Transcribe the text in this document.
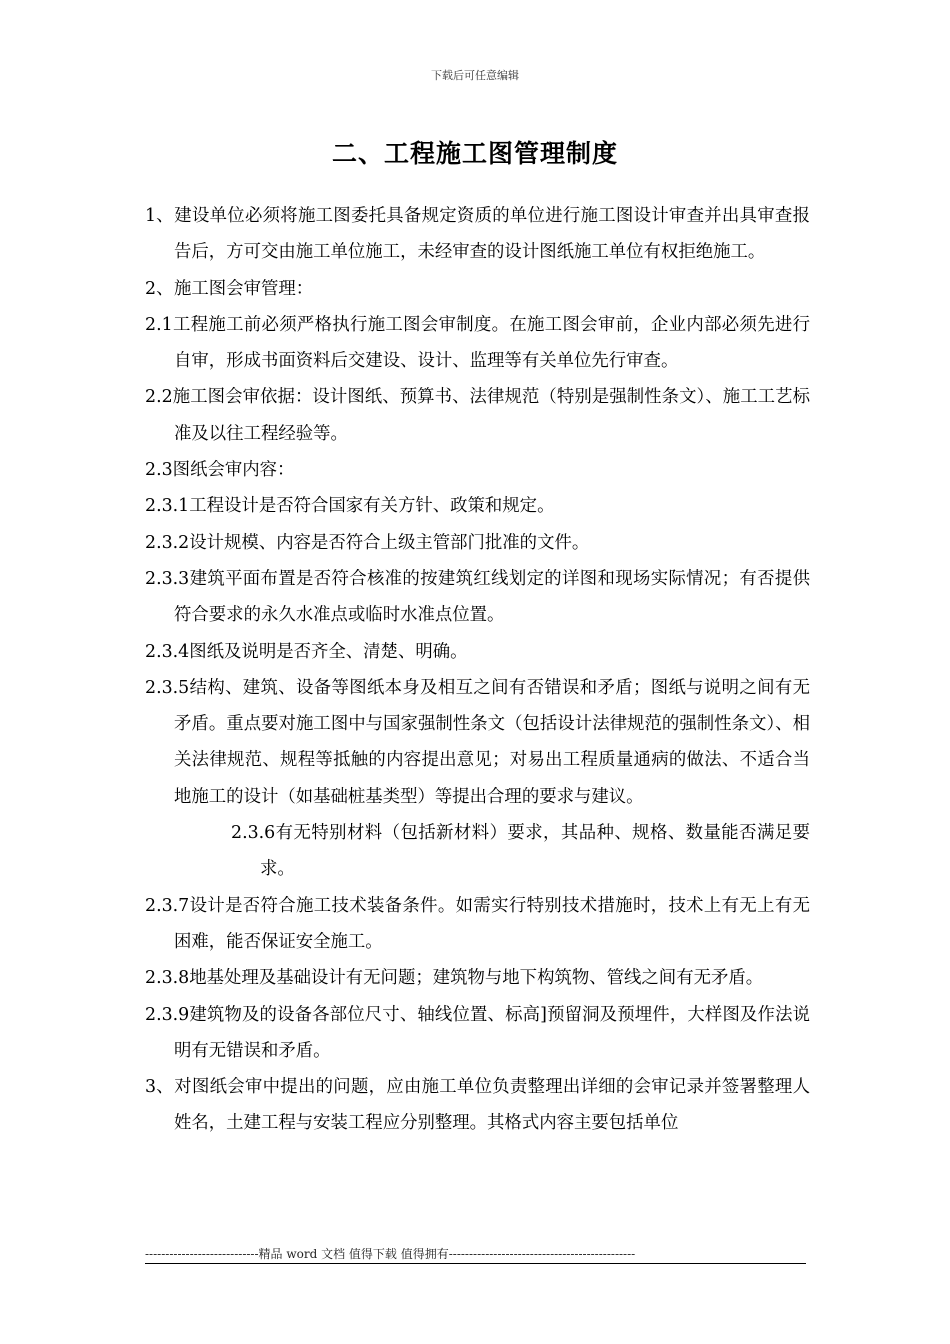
下载后可任意编辑
二、工程施工图管理制度
1、建设单位必须将施工图委托具备规定资质的单位进行施工图设计审查并出具审查报告后，方可交由施工单位施工，未经审查的设计图纸施工单位有权拒绝施工。
2、施工图会审管理：
2.1工程施工前必须严格执行施工图会审制度。在施工图会审前，企业内部必须先进行自审，形成书面资料后交建设、设计、监理等有关单位先行审查。
2.2施工图会审依据：设计图纸、预算书、法律规范（特别是强制性条文）、施工工艺标准及以往工程经验等。
2.3图纸会审内容：
2.3.1工程设计是否符合国家有关方针、政策和规定。
2.3.2设计规模、内容是否符合上级主管部门批准的文件。
2.3.3建筑平面布置是否符合核准的按建筑红线划定的详图和现场实际情况；有否提供符合要求的永久水准点或临时水准点位置。
2.3.4图纸及说明是否齐全、清楚、明确。
2.3.5结构、建筑、设备等图纸本身及相互之间有否错误和矛盾；图纸与说明之间有无矛盾。重点要对施工图中与国家强制性条文（包括设计法律规范的强制性条文）、相关法律规范、规程等抵触的内容提出意见；对易出工程质量通病的做法、不适合当地施工的设计（如基础桩基类型）等提出合理的要求与建议。
2.3.6有无特别材料（包括新材料）要求，其品种、规格、数量能否满足要求。
2.3.7设计是否符合施工技术装备条件。如需实行特别技术措施时，技术上有无上有无困难，能否保证安全施工。
2.3.8地基处理及基础设计有无问题；建筑物与地下构筑物、管线之间有无矛盾。
2.3.9建筑物及的设备各部位尺寸、轴线位置、标高]预留洞及预埋件，大样图及作法说明有无错误和矛盾。
3、对图纸会审中提出的问题，应由施工单位负责整理出详细的会审记录并签署整理人姓名，土建工程与安装工程应分别整理。其格式内容主要包括单位
----------------------------精品 word 文档 值得下载 值得拥有----------------------------------------------
